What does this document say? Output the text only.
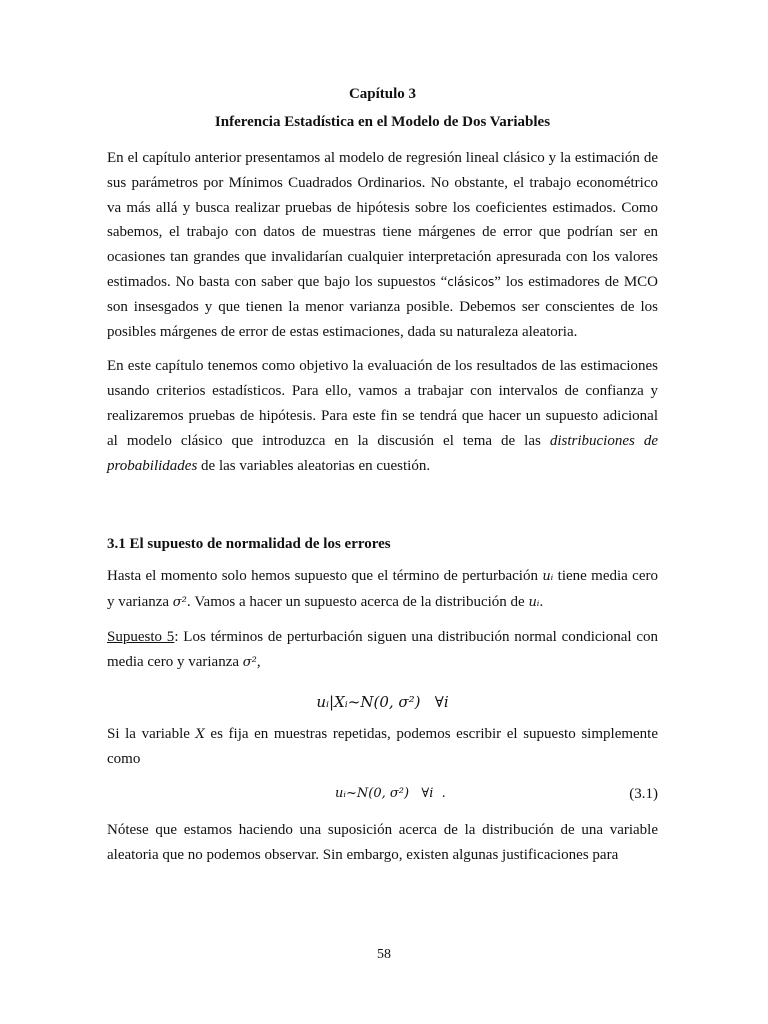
Capítulo 3
Inferencia Estadística en el Modelo de Dos Variables

En el capítulo anterior presentamos al modelo de regresión lineal clásico y la estimación de sus parámetros por Mínimos Cuadrados Ordinarios. No obstante, el trabajo econométrico va más allá y busca realizar pruebas de hipótesis sobre los coeficientes estimados. Como sabemos, el trabajo con datos de muestras tiene márgenes de error que podrían ser en ocasiones tan grandes que invalidarían cualquier interpretación apresurada con los valores estimados. No basta con saber que bajo los supuestos “clásicos” los estimadores de MCO son insesgados y que tienen la menor varianza posible. Debemos ser conscientes de los posibles márgenes de error de estas estimaciones, dada su naturaleza aleatoria.

En este capítulo tenemos como objetivo la evaluación de los resultados de las estimaciones usando criterios estadísticos. Para ello, vamos a trabajar con intervalos de confianza y realizaremos pruebas de hipótesis. Para este fin se tendrá que hacer un supuesto adicional al modelo clásico que introduzca en la discusión el tema de las distribuciones de probabilidades de las variables aleatorias en cuestión.

3.1 El supuesto de normalidad de los errores

Hasta el momento solo hemos supuesto que el término de perturbación uᵢ tiene media cero y varianza σ². Vamos a hacer un supuesto acerca de la distribución de uᵢ.

Supuesto 5: Los términos de perturbación siguen una distribución normal condicional con media cero y varianza σ²,

uᵢ|Xᵢ~N(0, σ²)   ∀i

Si la variable X es fija en muestras repetidas, podemos escribir el supuesto simplemente como

uᵢ~N(0, σ²)   ∀i  .	(3.1)

Nótese que estamos haciendo una suposición acerca de la distribución de una variable aleatoria que no podemos observar. Sin embargo, existen algunas justificaciones para

58
